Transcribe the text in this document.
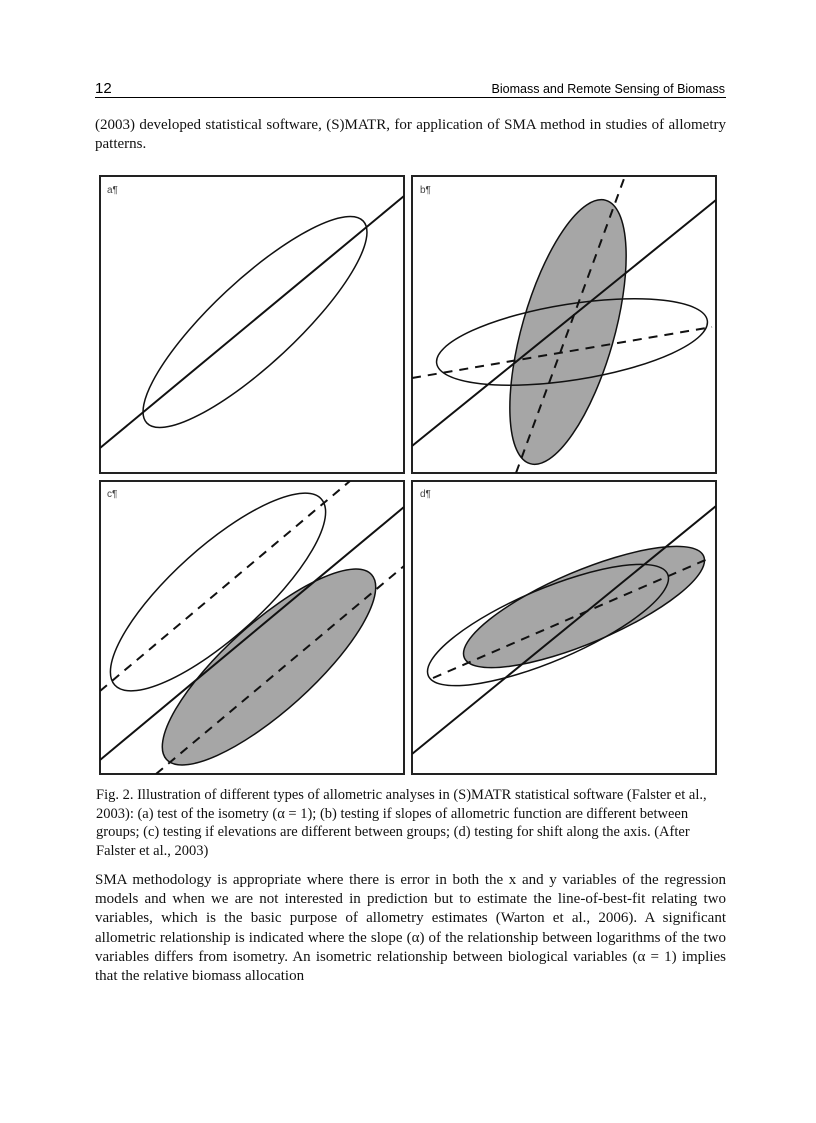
12	Biomass and Remote Sensing of Biomass

(2003) developed statistical software, (S)MATR, for application of SMA method in studies of allometry patterns.

a¶	b¶
c¶	d¶

Fig. 2. Illustration of different types of allometric analyses in (S)MATR statistical software (Falster et al., 2003): (a) test of the isometry (α = 1); (b) testing if slopes of allometric function are different between groups; (c) testing if elevations are different between groups; (d) testing for shift along the axis. (After Falster et al., 2003)

SMA methodology is appropriate where there is error in both the x and y variables of the regression models and when we are not interested in prediction but to estimate the line-of-best-fit relating two variables, which is the basic purpose of allometry estimates (Warton et al., 2006). A significant allometric relationship is indicated where the slope (α) of the relationship between logarithms of the two variables differs from isometry. An isometric relationship between biological variables (α = 1) implies that the relative biomass allocation
